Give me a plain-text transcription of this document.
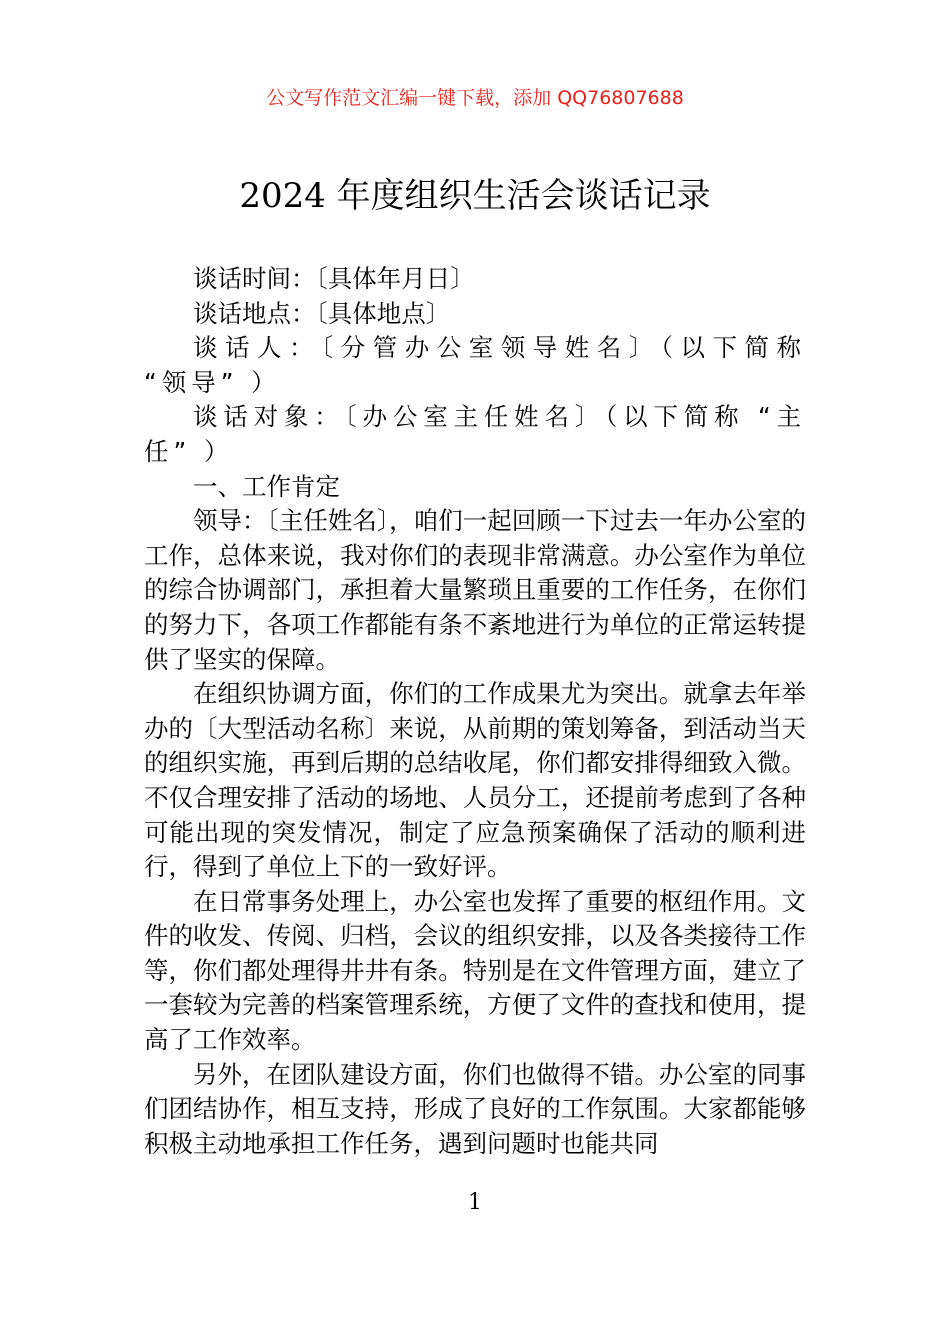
公文写作范文汇编一键下载，添加 QQ76807688
2024 年度组织生活会谈话记录

谈话时间：〔具体年月日〕

谈话地点：〔具体地点〕

谈话人：〔分管办公室领导姓名〕（以下简称 “领导” ）

谈话对象：〔办公室主任姓名〕（以下简称 “主任” ）

一、工作肯定

领导：〔主任姓名〕，咱们一起回顾一下过去一年办公室的工作，总体来说，我对你们的表现非常满意。办公室作为单位的综合协调部门，承担着大量繁琐且重要的工作任务，在你们的努力下，各项工作都能有条不紊地进行为单位的正常运转提供了坚实的保障。

在组织协调方面，你们的工作成果尤为突出。就拿去年举办的〔大型活动名称〕来说，从前期的策划筹备，到活动当天的组织实施，再到后期的总结收尾，你们都安排得细致入微。不仅合理安排了活动的场地、人员分工，还提前考虑到了各种可能出现的突发情况，制定了应急预案确保了活动的顺利进行，得到了单位上下的一致好评。

在日常事务处理上，办公室也发挥了重要的枢纽作用。文件的收发、传阅、归档，会议的组织安排，以及各类接待工作等，你们都处理得井井有条。特别是在文件管理方面，建立了一套较为完善的档案管理系统，方便了文件的查找和使用，提高了工作效率。

另外，在团队建设方面，你们也做得不错。办公室的同事们团结协作，相互支持，形成了良好的工作氛围。大家都能够积极主动地承担工作任务，遇到问题时也能共同

1
